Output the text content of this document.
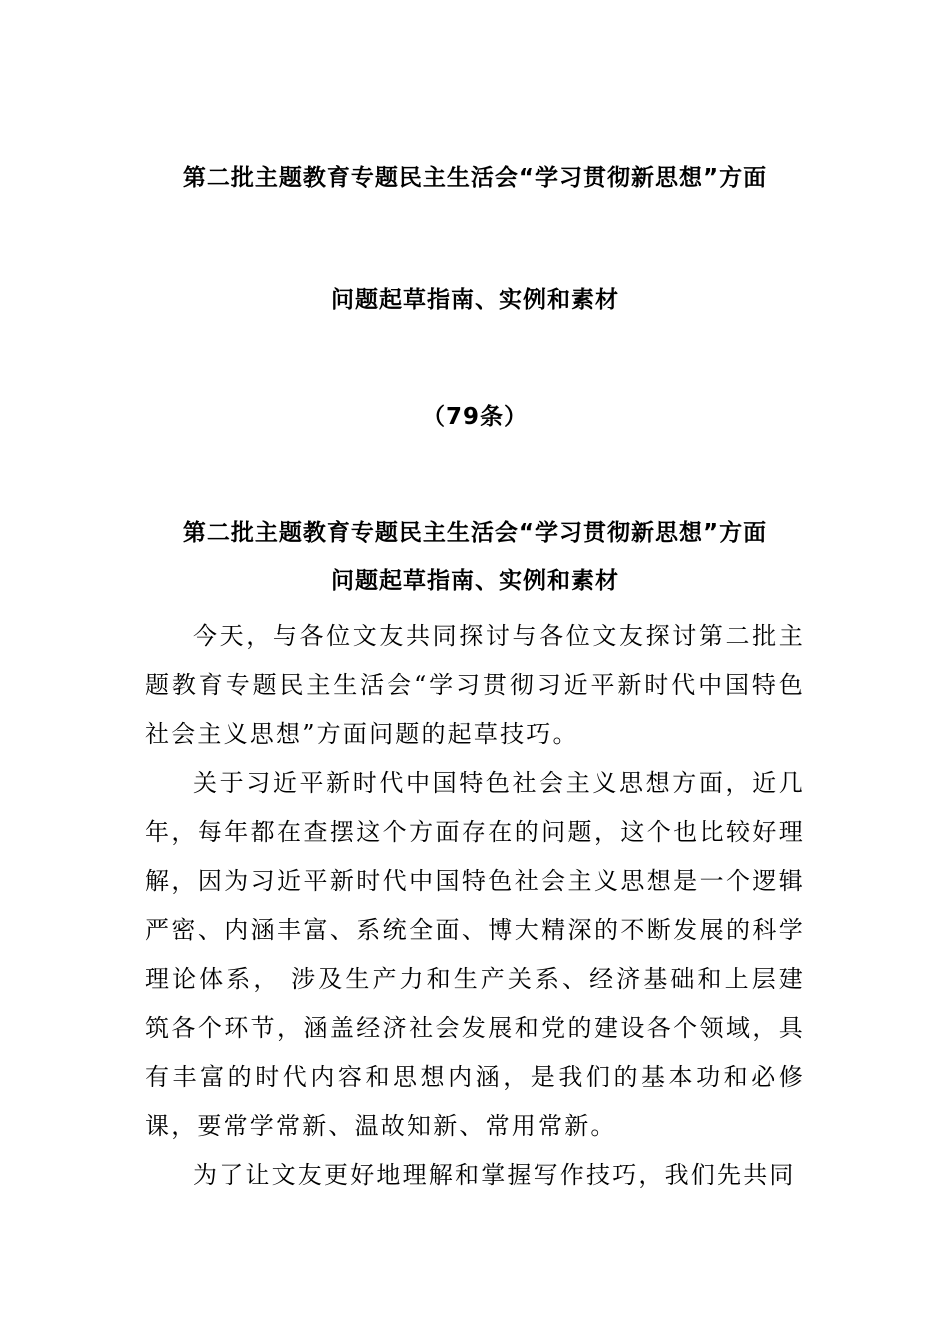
第二批主题教育专题民主生活会“学习贯彻新思想”方面
问题起草指南、实例和素材
（79条）
第二批主题教育专题民主生活会“学习贯彻新思想”方面
问题起草指南、实例和素材

今天，与各位文友共同探讨与各位文友探讨第二批主题教育专题民主生活会“学习贯彻习近平新时代中国特色社会主义思想”方面问题的起草技巧。

关于习近平新时代中国特色社会主义思想方面，近几年，每年都在查摆这个方面存在的问题，这个也比较好理解，因为习近平新时代中国特色社会主义思想是一个逻辑严密、内涵丰富、系统全面、博大精深的不断发展的科学理论体系， 涉及生产力和生产关系、经济基础和上层建筑各个环节，涵盖经济社会发展和党的建设各个领域，具有丰富的时代内容和思想内涵，是我们的基本功和必修课，要常学常新、温故知新、常用常新。

为了让文友更好地理解和掌握写作技巧，我们先共同
